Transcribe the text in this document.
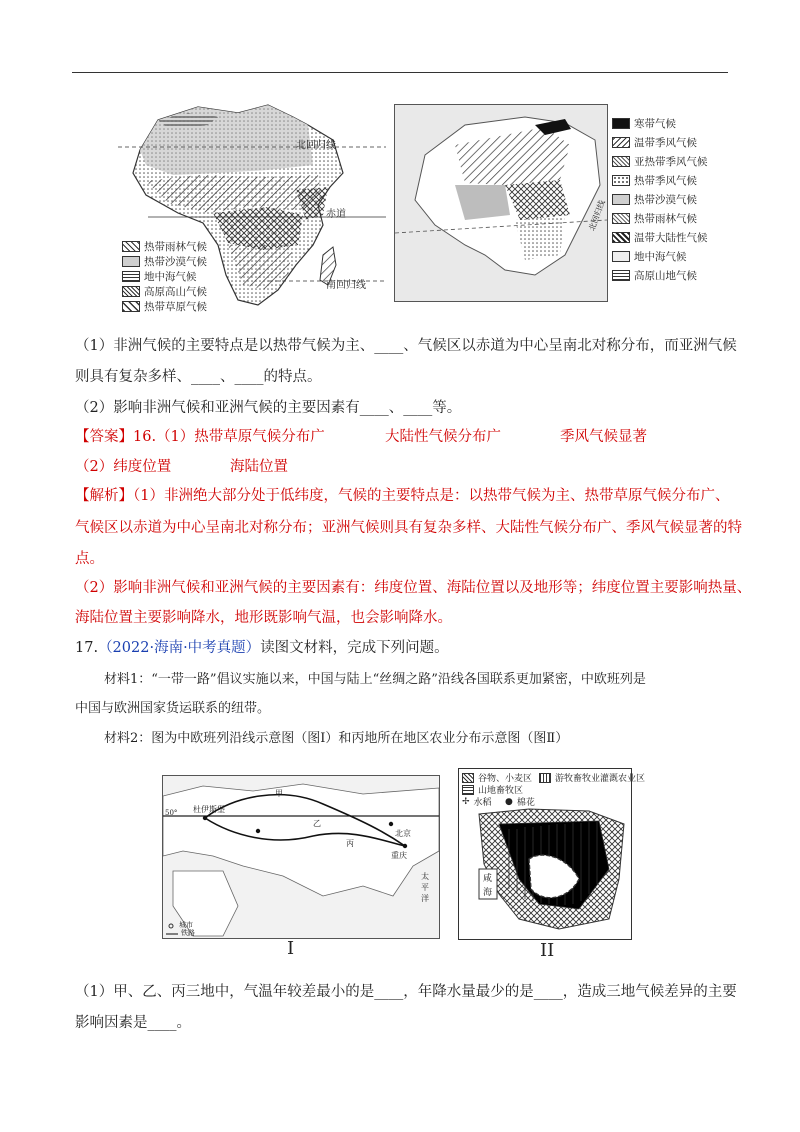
北回归线
赤道
南回归线
热带雨林气候
热带沙漠气候
地中海气候
高原高山气候
热带草原气候
北回归线
寒带气候
温带季风气候
亚热带季风气候
热带季风气候
热带沙漠气候
热带雨林气候
温带大陆性气候
地中海气候
高原山地气候
（1）非洲气候的主要特点是以热带气候为主、____、气候区以赤道为中心呈南北对称分布，而亚洲气候
则具有复杂多样、____、____的特点。
（2）影响非洲气候和亚洲气候的主要因素有____、____等。
【答案】16.（1）热带草原气候分布广	大陆性气候分布广	季风气候显著
（2）纬度位置	海陆位置
【解析】（1）非洲绝大部分处于低纬度，气候的主要特点是：以热带气候为主、热带草原气候分布广、
气候区以赤道为中心呈南北对称分布；亚洲气候则具有复杂多样、大陆性气候分布广、季风气候显著的特
点。
（2）影响非洲气候和亚洲气候的主要因素有：纬度位置、海陆位置以及地形等；纬度位置主要影响热量、
海陆位置主要影响降水，地形既影响气温，也会影响降水。
17.（2022·海南·中考真题）读图文材料，完成下列问题。
材料1：“一带一路”倡议实施以来，中国与陆上“丝绸之路”沿线各国联系更加紧密，中欧班列是
中国与欧洲国家货运联系的纽带。
材料2：图为中欧班列沿线示意图（图Ⅰ）和丙地所在地区农业分布示意图（图Ⅱ）
杜伊斯堡
甲
乙
丙
北京
重庆
太平洋
50°
城市
铁路
I
谷物、小麦区	游牧畜牧业灌溉农业区
山地畜牧区
✢ 水稻 ● 棉花
咸
海
II
（1）甲、乙、丙三地中，气温年较差最小的是____，年降水量最少的是____，造成三地气候差异的主要
影响因素是____。
